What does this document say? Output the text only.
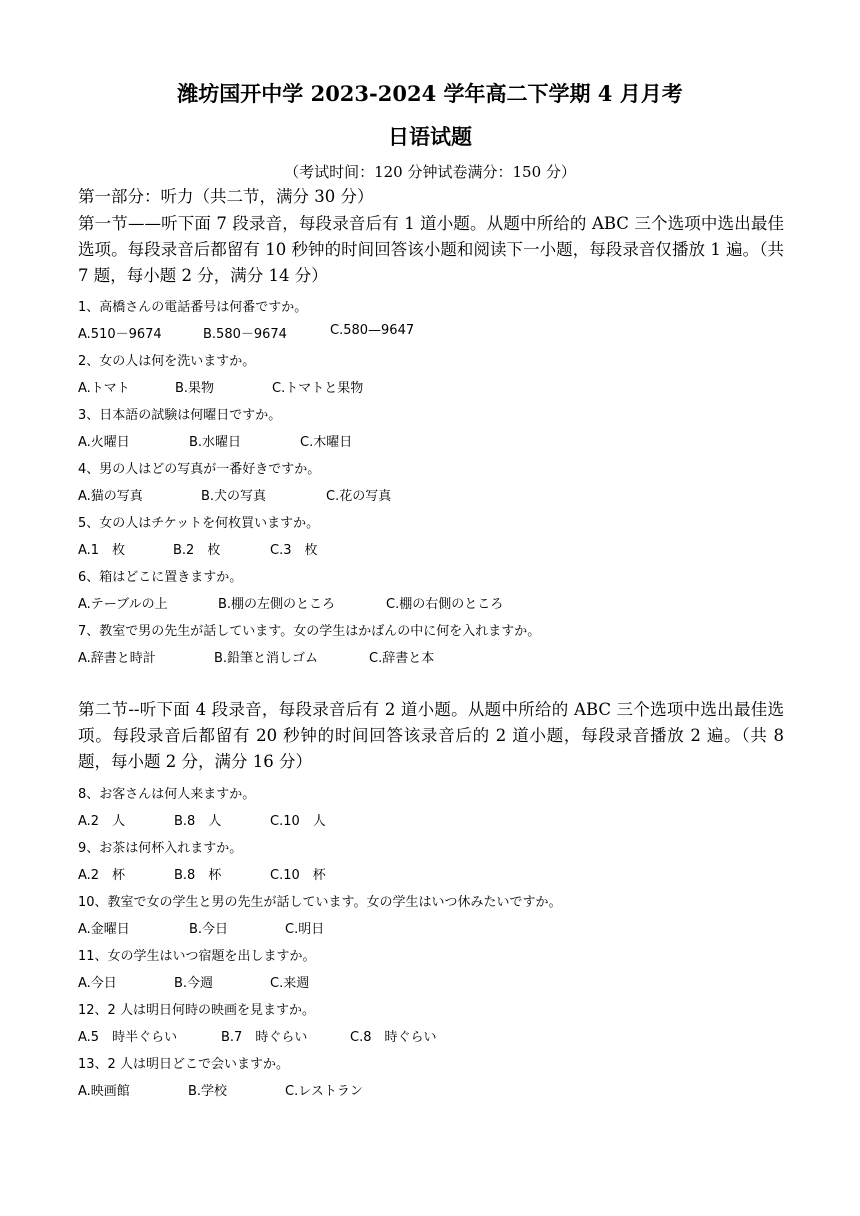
潍坊国开中学 2023-2024 学年高二下学期 4 月月考
日语试题
（考试时间：120 分钟试卷满分：150 分）
第一部分：听力（共二节，满分 30 分）
第一节——听下面 7 段录音，每段录音后有 1 道小题。从题中所给的 ABC 三个选项中选出最佳选项。每段录音后都留有 10 秒钟的时间回答该小题和阅读下一小题，每段录音仅播放 1 遍。（共 7 题，每小题 2 分，满分 14 分）
1、高橋さんの電話番号は何番ですか。
A.510－9674	B.580－9674	C.580—9647
2、女の人は何を洗いますか。
A.トマト	B.果物	C.トマトと果物
3、日本語の試験は何曜日ですか。
A.火曜日	B.水曜日	C.木曜日
4、男の人はどの写真が一番好きですか。
A.猫の写真	B.犬の写真	C.花の写真
5、女の人はチケットを何枚買いますか。
A.1　枚	B.2　枚	C.3　枚
6、箱はどこに置きますか。
A.テーブルの上	B.棚の左側のところ	C.棚の右側のところ
7、教室で男の先生が話しています。女の学生はかばんの中に何を入れますか。
A.辞書と時計	B.鉛筆と消しゴム	C.辞書と本
第二节--听下面 4 段录音，每段录音后有 2 道小题。从题中所给的 ABC 三个选项中选出最佳选项。每段录音后都留有 20 秒钟的时间回答该录音后的 2 道小题，每段录音播放 2 遍。（共 8 题，每小题 2 分，满分 16 分）
8、お客さんは何人来ますか。
A.2　人	B.8　人	C.10　人
9、お茶は何杯入れますか。
A.2　杯	B.8　杯	C.10　杯
10、教室で女の学生と男の先生が話しています。女の学生はいつ休みたいですか。
A.金曜日	B.今日	C.明日
11、女の学生はいつ宿題を出しますか。
A.今日	B.今週	C.来週
12、2 人は明日何時の映画を見ますか。
A.5　時半ぐらい	B.7　時ぐらい	C.8　時ぐらい
13、2 人は明日どこで会いますか。
A.映画館	B.学校	C.レストラン
